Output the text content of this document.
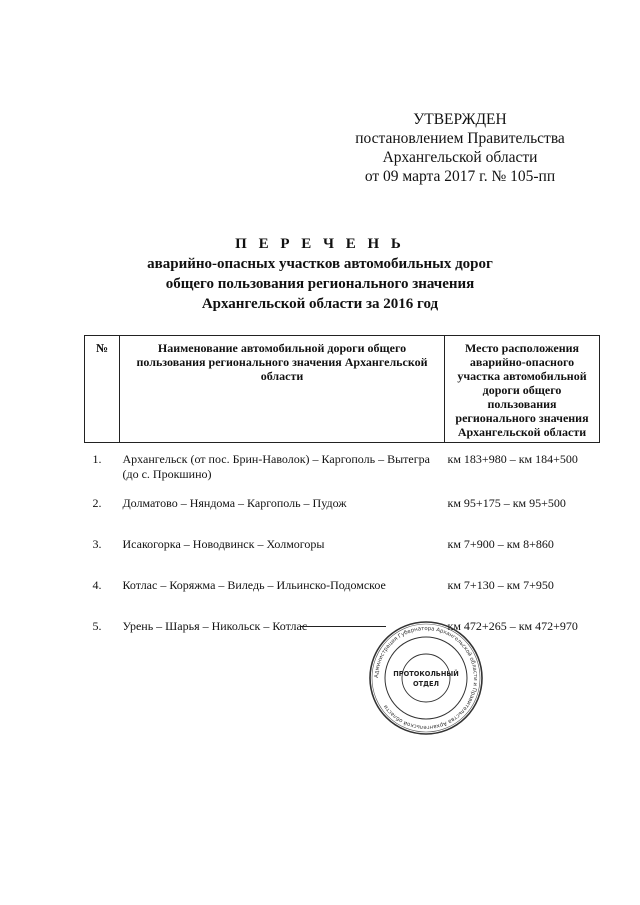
УТВЕРЖДЕН
постановлением Правительства
Архангельской области
от 09 марта 2017 г. № 105-пп
П Е Р Е Ч Е Н Ь
аварийно-опасных участков автомобильных дорог
общего пользования регионального значения
Архангельской области за 2016 год
№	Наименование автомобильной дороги общего пользования регионального значения Архангельской области	Место расположения аварийно-опасного участка автомобильной дороги общего пользования регионального значения Архангельской области
1.	Архангельск (от пос. Брин-Наволок) – Каргополь – Вытегра (до с. Прокшино)	км 183+980 – км 184+500
2.	Долматово – Няндома – Каргополь – Пудож	км 95+175 – км 95+500
3.	Исакогорка – Новодвинск – Холмогоры	км 7+900 – км 8+860
4.	Котлас – Коряжма – Виледь – Ильинско-Подомское	км 7+130 – км 7+950
5.	Урень – Шарья – Никольск – Котлас	км 472+265 – км 472+970
Администрация Губернатора Архангельской области и Правительства Архангельской области
ПРОТОКОЛЬНЫЙ
ОТДЕЛ
